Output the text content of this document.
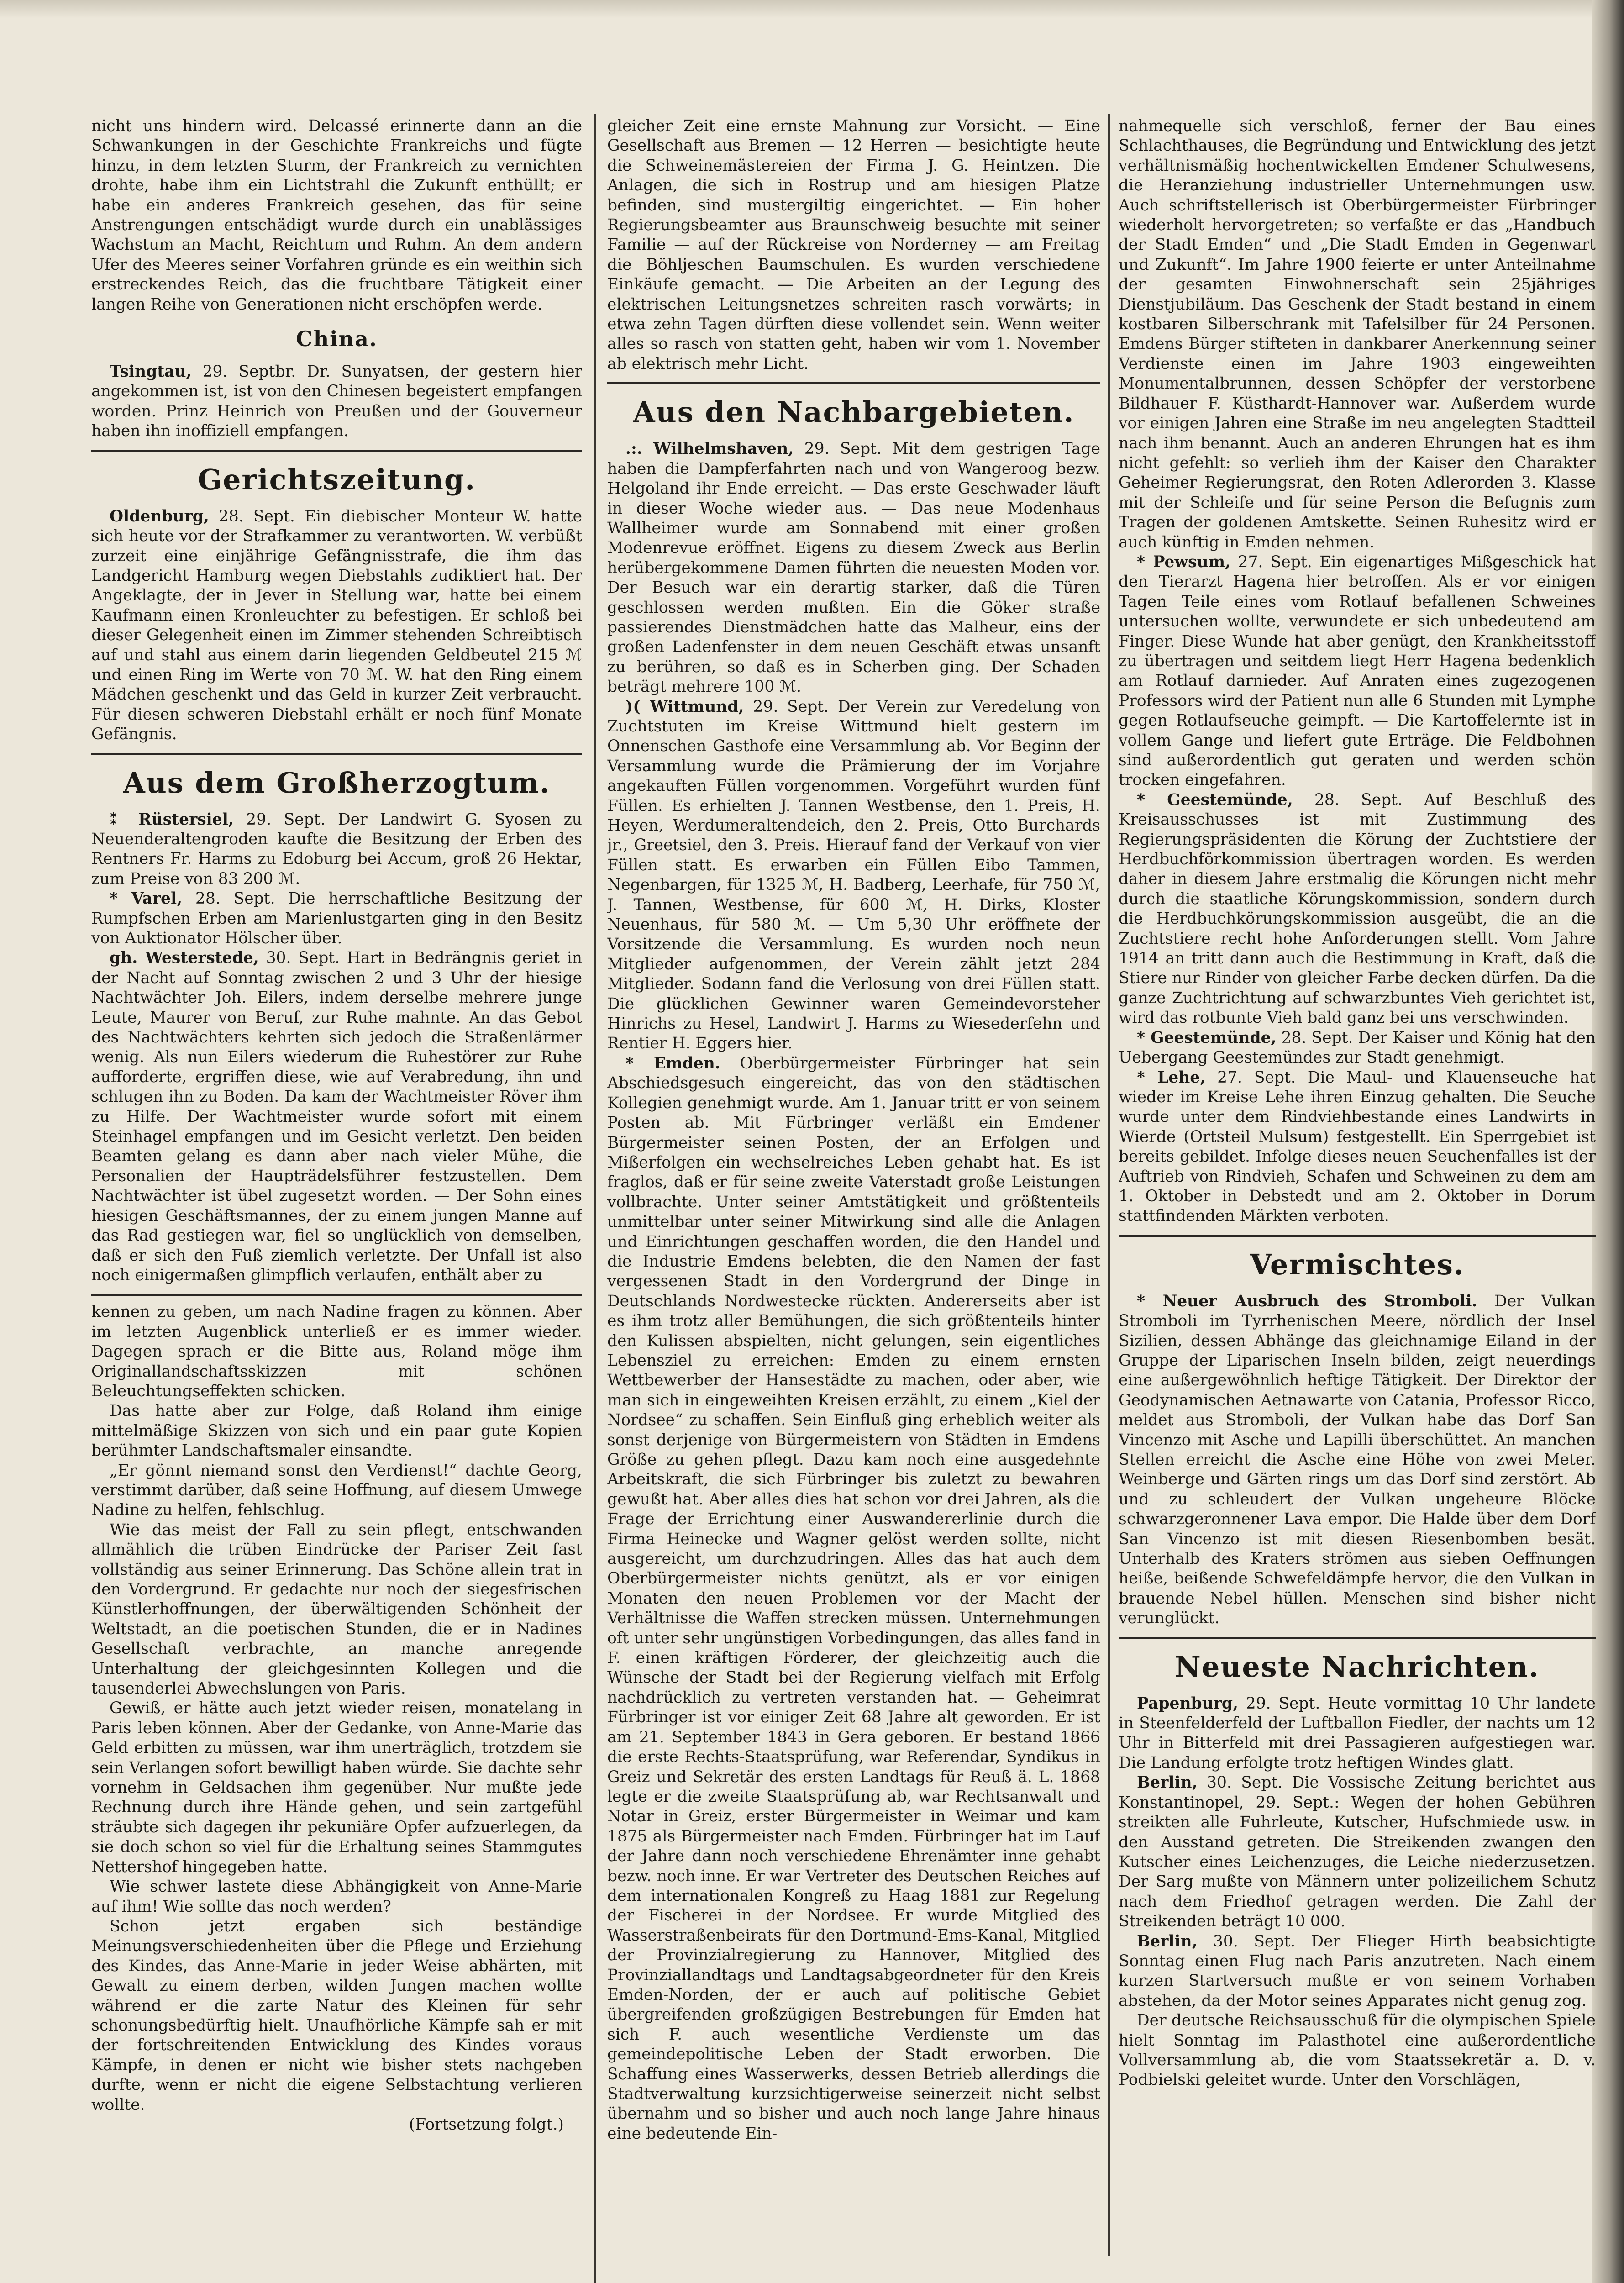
nicht uns hindern wird. Delcassé erinnerte dann an die Schwankungen in der Geschichte Frankreichs und fügte hinzu, in dem letzten Sturm, der Frankreich zu vernichten drohte, habe ihm ein Lichtstrahl die Zukunft enthüllt; er habe ein anderes Frankreich gesehen, das für seine Anstrengungen entschädigt wurde durch ein unablässiges Wachstum an Macht, Reichtum und Ruhm. An dem andern Ufer des Meeres seiner Vorfahren gründe es ein weithin sich erstreckendes Reich, das die fruchtbare Tätigkeit einer langen Reihe von Generationen nicht erschöpfen werde.

China.

Tsingtau, 29. Septbr. Dr. Sunyatsen, der gestern hier angekommen ist, ist von den Chinesen begeistert empfangen worden. Prinz Heinrich von Preußen und der Gouverneur haben ihn inoffiziell empfangen.

Gerichtszeitung.

Oldenburg, 28. Sept. Ein diebischer Monteur W. hatte sich heute vor der Strafkammer zu verantworten. W. verbüßt zurzeit eine einjährige Gefängnisstrafe, die ihm das Landgericht Hamburg wegen Diebstahls zudiktiert hat. Der Angeklagte, der in Jever in Stellung war, hatte bei einem Kaufmann einen Kronleuchter zu befestigen. Er schloß bei dieser Gelegenheit einen im Zimmer stehenden Schreibtisch auf und stahl aus einem darin liegenden Geldbeutel 215 ℳ und einen Ring im Werte von 70 ℳ. W. hat den Ring einem Mädchen geschenkt und das Geld in kurzer Zeit verbraucht. Für diesen schweren Diebstahl erhält er noch fünf Monate Gefängnis.

Aus dem Großherzogtum.

⁑ Rüstersiel, 29. Sept. Der Landwirt G. Syosen zu Neuenderaltengroden kaufte die Besitzung der Erben des Rentners Fr. Harms zu Edoburg bei Accum, groß 26 Hektar, zum Preise von 83 200 ℳ.

* Varel, 28. Sept. Die herrschaftliche Besitzung der Rumpfschen Erben am Marienlustgarten ging in den Besitz von Auktionator Hölscher über.

gh. Westerstede, 30. Sept. Hart in Bedrängnis geriet in der Nacht auf Sonntag zwischen 2 und 3 Uhr der hiesige Nachtwächter Joh. Eilers, indem derselbe mehrere junge Leute, Maurer von Beruf, zur Ruhe mahnte. An das Gebot des Nachtwächters kehrten sich jedoch die Straßenlärmer wenig. Als nun Eilers wiederum die Ruhestörer zur Ruhe aufforderte, ergriffen diese, wie auf Verabredung, ihn und schlugen ihn zu Boden. Da kam der Wachtmeister Röver ihm zu Hilfe. Der Wachtmeister wurde sofort mit einem Steinhagel empfangen und im Gesicht verletzt. Den beiden Beamten gelang es dann aber nach vieler Mühe, die Personalien der Haupträdelsführer festzustellen. Dem Nachtwächter ist übel zugesetzt worden. — Der Sohn eines hiesigen Geschäftsmannes, der zu einem jungen Manne auf das Rad gestiegen war, fiel so unglücklich von demselben, daß er sich den Fuß ziemlich verletzte. Der Unfall ist also noch einigermaßen glimpflich verlaufen, enthält aber zu

kennen zu geben, um nach Nadine fragen zu können. Aber im letzten Augenblick unterließ er es immer wieder. Dagegen sprach er die Bitte aus, Roland möge ihm Originallandschaftsskizzen mit schönen Beleuchtungseffekten schicken.

Das hatte aber zur Folge, daß Roland ihm einige mittelmäßige Skizzen von sich und ein paar gute Kopien berühmter Landschaftsmaler einsandte.

„Er gönnt niemand sonst den Verdienst!“ dachte Georg, verstimmt darüber, daß seine Hoffnung, auf diesem Umwege Nadine zu helfen, fehlschlug.

Wie das meist der Fall zu sein pflegt, entschwanden allmählich die trüben Eindrücke der Pariser Zeit fast vollständig aus seiner Erinnerung. Das Schöne allein trat in den Vordergrund. Er gedachte nur noch der siegesfrischen Künstlerhoffnungen, der überwältigenden Schönheit der Weltstadt, an die poetischen Stunden, die er in Nadines Gesellschaft verbrachte, an manche anregende Unterhaltung der gleichgesinnten Kollegen und die tausenderlei Abwechslungen von Paris.

Gewiß, er hätte auch jetzt wieder reisen, monatelang in Paris leben können. Aber der Gedanke, von Anne-Marie das Geld erbitten zu müssen, war ihm unerträglich, trotzdem sie sein Verlangen sofort bewilligt haben würde. Sie dachte sehr vornehm in Geldsachen ihm gegenüber. Nur mußte jede Rechnung durch ihre Hände gehen, und sein zartgefühl sträubte sich dagegen ihr pekuniäre Opfer aufzuerlegen, da sie doch schon so viel für die Erhaltung seines Stammgutes Nettershof hingegeben hatte.

Wie schwer lastete diese Abhängigkeit von Anne-Marie auf ihm! Wie sollte das noch werden?

Schon jetzt ergaben sich beständige Meinungsverschiedenheiten über die Pflege und Erziehung des Kindes, das Anne-Marie in jeder Weise abhärten, mit Gewalt zu einem derben, wilden Jungen machen wollte während er die zarte Natur des Kleinen für sehr schonungsbedürftig hielt. Unaufhörliche Kämpfe sah er mit der fortschreitenden Entwicklung des Kindes voraus Kämpfe, in denen er nicht wie bisher stets nachgeben durfte, wenn er nicht die eigene Selbstachtung verlieren wollte.

(Fortsetzung folgt.)

gleicher Zeit eine ernste Mahnung zur Vorsicht. — Eine Gesellschaft aus Bremen — 12 Herren — besichtigte heute die Schweinemästereien der Firma J. G. Heintzen. Die Anlagen, die sich in Rostrup und am hiesigen Platze befinden, sind mustergiltig eingerichtet. — Ein hoher Regierungsbeamter aus Braunschweig besuchte mit seiner Familie — auf der Rückreise von Norderney — am Freitag die Böhljeschen Baumschulen. Es wurden verschiedene Einkäufe gemacht. — Die Arbeiten an der Legung des elektrischen Leitungsnetzes schreiten rasch vorwärts; in etwa zehn Tagen dürften diese vollendet sein. Wenn weiter alles so rasch von statten geht, haben wir vom 1. November ab elektrisch mehr Licht.

Aus den Nachbargebieten.

.:. Wilhelmshaven, 29. Sept. Mit dem gestrigen Tage haben die Dampferfahrten nach und von Wangeroog bezw. Helgoland ihr Ende erreicht. — Das erste Geschwader läuft in dieser Woche wieder aus. — Das neue Modenhaus Wallheimer wurde am Sonnabend mit einer großen Modenrevue eröffnet. Eigens zu diesem Zweck aus Berlin herübergekommene Damen führten die neuesten Moden vor. Der Besuch war ein derartig starker, daß die Türen geschlossen werden mußten. Ein die Göker straße passierendes Dienstmädchen hatte das Malheur, eins der großen Ladenfenster in dem neuen Geschäft etwas unsanft zu berühren, so daß es in Scherben ging. Der Schaden beträgt mehrere 100 ℳ.

)( Wittmund, 29. Sept. Der Verein zur Veredelung von Zuchtstuten im Kreise Wittmund hielt gestern im Onnenschen Gasthofe eine Versammlung ab. Vor Beginn der Versammlung wurde die Prämierung der im Vorjahre angekauften Füllen vorgenommen. Vorgeführt wurden fünf Füllen. Es erhielten J. Tannen Westbense, den 1. Preis, H. Heyen, Werdumeraltendeich, den 2. Preis, Otto Burchards jr., Greetsiel, den 3. Preis. Hierauf fand der Verkauf von vier Füllen statt. Es erwarben ein Füllen Eibo Tammen, Negenbargen, für 1325 ℳ, H. Badberg, Leerhafe, für 750 ℳ, J. Tannen, Westbense, für 600 ℳ, H. Dirks, Kloster Neuenhaus, für 580 ℳ. — Um 5,30 Uhr eröffnete der Vorsitzende die Versammlung. Es wurden noch neun Mitglieder aufgenommen, der Verein zählt jetzt 284 Mitglieder. Sodann fand die Verlosung von drei Füllen statt. Die glücklichen Gewinner waren Gemeindevorsteher Hinrichs zu Hesel, Landwirt J. Harms zu Wiesederfehn und Rentier H. Eggers hier.

* Emden. Oberbürgermeister Fürbringer hat sein Abschiedsgesuch eingereicht, das von den städtischen Kollegien genehmigt wurde. Am 1. Januar tritt er von seinem Posten ab. Mit Fürbringer verläßt ein Emdener Bürgermeister seinen Posten, der an Erfolgen und Mißerfolgen ein wechselreiches Leben gehabt hat. Es ist fraglos, daß er für seine zweite Vaterstadt große Leistungen vollbrachte. Unter seiner Amtstätigkeit und größtenteils unmittelbar unter seiner Mitwirkung sind alle die Anlagen und Einrichtungen geschaffen worden, die den Handel und die Industrie Emdens belebten, die den Namen der fast vergessenen Stadt in den Vordergrund der Dinge in Deutschlands Nordwestecke rückten. Andererseits aber ist es ihm trotz aller Bemühungen, die sich größtenteils hinter den Kulissen abspielten, nicht gelungen, sein eigentliches Lebensziel zu erreichen: Emden zu einem ernsten Wettbewerber der Hansestädte zu machen, oder aber, wie man sich in eingeweihten Kreisen erzählt, zu einem „Kiel der Nordsee“ zu schaffen. Sein Einfluß ging erheblich weiter als sonst derjenige von Bürgermeistern von Städten in Emdens Größe zu gehen pflegt. Dazu kam noch eine ausgedehnte Arbeitskraft, die sich Fürbringer bis zuletzt zu bewahren gewußt hat. Aber alles dies hat schon vor drei Jahren, als die Frage der Errichtung einer Auswandererlinie durch die Firma Heinecke und Wagner gelöst werden sollte, nicht ausgereicht, um durchzudringen. Alles das hat auch dem Oberbürgermeister nichts genützt, als er vor einigen Monaten den neuen Problemen vor der Macht der Verhältnisse die Waffen strecken müssen. Unternehmungen oft unter sehr ungünstigen Vorbedingungen, das alles fand in F. einen kräftigen Förderer, der gleichzeitig auch die Wünsche der Stadt bei der Regierung vielfach mit Erfolg nachdrücklich zu vertreten verstanden hat. — Geheimrat Fürbringer ist vor einiger Zeit 68 Jahre alt geworden. Er ist am 21. September 1843 in Gera geboren. Er bestand 1866 die erste Rechts-Staatsprüfung, war Referendar, Syndikus in Greiz und Sekretär des ersten Landtags für Reuß ä. L. 1868 legte er die zweite Staatsprüfung ab, war Rechtsanwalt und Notar in Greiz, erster Bürgermeister in Weimar und kam 1875 als Bürgermeister nach Emden. Fürbringer hat im Lauf der Jahre dann noch verschiedene Ehrenämter inne gehabt bezw. noch inne. Er war Vertreter des Deutschen Reiches auf dem internationalen Kongreß zu Haag 1881 zur Regelung der Fischerei in der Nordsee. Er wurde Mitglied des Wasserstraßenbeirats für den Dortmund-Ems-Kanal, Mitglied der Provinzialregierung zu Hannover, Mitglied des Provinziallandtags und Landtagsabgeordneter für den Kreis Emden-Norden, der er auch auf politische Gebiet übergreifenden großzügigen Bestrebungen für Emden hat sich F. auch wesentliche Verdienste um das gemeindepolitische Leben der Stadt erworben. Die Schaffung eines Wasserwerks, dessen Betrieb allerdings die Stadtverwaltung kurzsichtigerweise seinerzeit nicht selbst übernahm und so bisher und auch noch lange Jahre hinaus eine bedeutende Ein-

nahmequelle sich verschloß, ferner der Bau eines Schlachthauses, die Begründung und Entwicklung des jetzt verhältnismäßig hochentwickelten Emdener Schulwesens, die Heranziehung industrieller Unternehmungen usw. Auch schriftstellerisch ist Oberbürgermeister Fürbringer wiederholt hervorgetreten; so verfaßte er das „Handbuch der Stadt Emden“ und „Die Stadt Emden in Gegenwart und Zukunft“. Im Jahre 1900 feierte er unter Anteilnahme der gesamten Einwohnerschaft sein 25jähriges Dienstjubiläum. Das Geschenk der Stadt bestand in einem kostbaren Silberschrank mit Tafelsilber für 24 Personen. Emdens Bürger stifteten in dankbarer Anerkennung seiner Verdienste einen im Jahre 1903 eingeweihten Monumentalbrunnen, dessen Schöpfer der verstorbene Bildhauer F. Küsthardt-Hannover war. Außerdem wurde vor einigen Jahren eine Straße im neu angelegten Stadtteil nach ihm benannt. Auch an anderen Ehrungen hat es ihm nicht gefehlt: so verlieh ihm der Kaiser den Charakter Geheimer Regierungsrat, den Roten Adlerorden 3. Klasse mit der Schleife und für seine Person die Befugnis zum Tragen der goldenen Amtskette. Seinen Ruhesitz wird er auch künftig in Emden nehmen.

* Pewsum, 27. Sept. Ein eigenartiges Mißgeschick hat den Tierarzt Hagena hier betroffen. Als er vor einigen Tagen Teile eines vom Rotlauf befallenen Schweines untersuchen wollte, verwundete er sich unbedeutend am Finger. Diese Wunde hat aber genügt, den Krankheitsstoff zu übertragen und seitdem liegt Herr Hagena bedenklich am Rotlauf darnieder. Auf Anraten eines zugezogenen Professors wird der Patient nun alle 6 Stunden mit Lymphe gegen Rotlaufseuche geimpft. — Die Kartoffelernte ist in vollem Gange und liefert gute Erträge. Die Feldbohnen sind außerordentlich gut geraten und werden schön trocken eingefahren.

* Geestemünde, 28. Sept. Auf Beschluß des Kreisausschusses ist mit Zustimmung des Regierungspräsidenten die Körung der Zuchtstiere der Herdbuchförkommission übertragen worden. Es werden daher in diesem Jahre erstmalig die Körungen nicht mehr durch die staatliche Körungskommission, sondern durch die Herdbuchkörungskommission ausgeübt, die an die Zuchtstiere recht hohe Anforderungen stellt. Vom Jahre 1914 an tritt dann auch die Bestimmung in Kraft, daß die Stiere nur Rinder von gleicher Farbe decken dürfen. Da die ganze Zuchtrichtung auf schwarzbuntes Vieh gerichtet ist, wird das rotbunte Vieh bald ganz bei uns verschwinden.

* Geestemünde, 28. Sept. Der Kaiser und König hat den Uebergang Geestemündes zur Stadt genehmigt.

* Lehe, 27. Sept. Die Maul- und Klauenseuche hat wieder im Kreise Lehe ihren Einzug gehalten. Die Seuche wurde unter dem Rindviehbestande eines Landwirts in Wierde (Ortsteil Mulsum) festgestellt. Ein Sperrgebiet ist bereits gebildet. Infolge dieses neuen Seuchenfalles ist der Auftrieb von Rindvieh, Schafen und Schweinen zu dem am 1. Oktober in Debstedt und am 2. Oktober in Dorum stattfindenden Märkten verboten.

Vermischtes.

* Neuer Ausbruch des Stromboli. Der Vulkan Stromboli im Tyrrhenischen Meere, nördlich der Insel Sizilien, dessen Abhänge das gleichnamige Eiland in der Gruppe der Liparischen Inseln bilden, zeigt neuerdings eine außergewöhnlich heftige Tätigkeit. Der Direktor der Geodynamischen Aetnawarte von Catania, Professor Ricco, meldet aus Stromboli, der Vulkan habe das Dorf San Vincenzo mit Asche und Lapilli überschüttet. An manchen Stellen erreicht die Asche eine Höhe von zwei Meter. Weinberge und Gärten rings um das Dorf sind zerstört. Ab und zu schleudert der Vulkan ungeheure Blöcke schwarzgeronnener Lava empor. Die Halde über dem Dorf San Vincenzo ist mit diesen Riesenbomben besät. Unterhalb des Kraters strömen aus sieben Oeffnungen heiße, beißende Schwefeldämpfe hervor, die den Vulkan in brauende Nebel hüllen. Menschen sind bisher nicht verunglückt.

Neueste Nachrichten.

Papenburg, 29. Sept. Heute vormittag 10 Uhr landete in Steenfelderfeld der Luftballon Fiedler, der nachts um 12 Uhr in Bitterfeld mit drei Passagieren aufgestiegen war. Die Landung erfolgte trotz heftigen Windes glatt.

Berlin, 30. Sept. Die Vossische Zeitung berichtet aus Konstantinopel, 29. Sept.: Wegen der hohen Gebühren streikten alle Fuhrleute, Kutscher, Hufschmiede usw. in den Ausstand getreten. Die Streikenden zwangen den Kutscher eines Leichenzuges, die Leiche niederzusetzen. Der Sarg mußte von Männern unter polizeilichem Schutz nach dem Friedhof getragen werden. Die Zahl der Streikenden beträgt 10 000.

Berlin, 30. Sept. Der Flieger Hirth beabsichtigte Sonntag einen Flug nach Paris anzutreten. Nach einem kurzen Startversuch mußte er von seinem Vorhaben abstehen, da der Motor seines Apparates nicht genug zog.

Der deutsche Reichsausschuß für die olympischen Spiele hielt Sonntag im Palasthotel eine außerordentliche Vollversammlung ab, die vom Staatssekretär a. D. v. Podbielski geleitet wurde. Unter den Vorschlägen,
